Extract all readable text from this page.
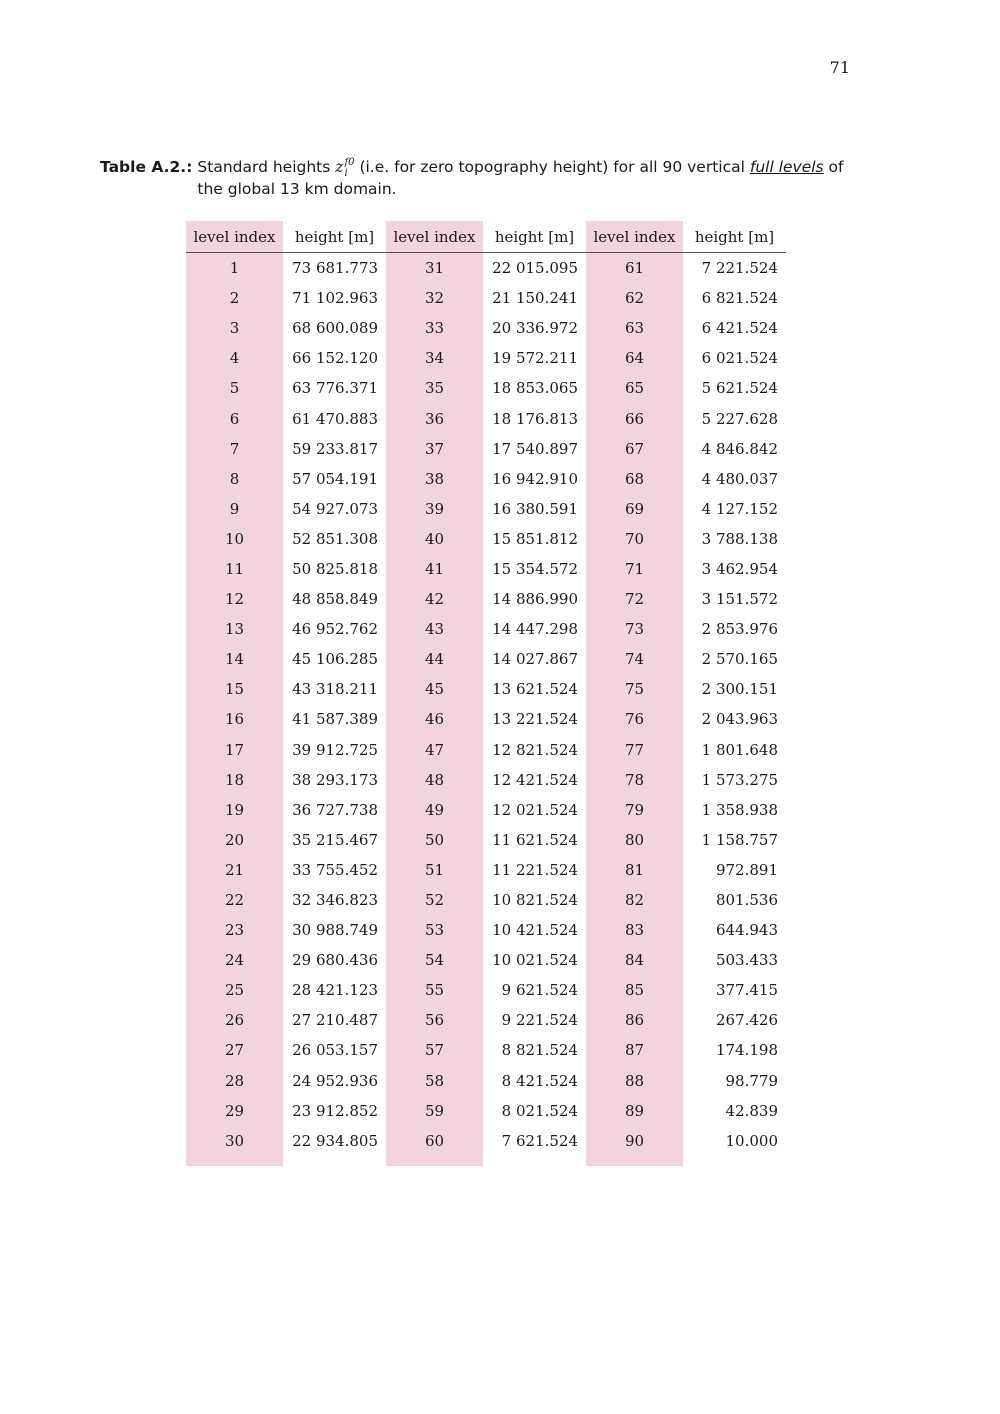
71
Table A.2.: Standard heights z f0
i (i.e. for zero topography height) for all 90 vertical full levels of the global 13 km domain.
level index	height [m]	level index	height [m]	level index	height [m]
1	73 681.773	31	22 015.095	61	7 221.524
2	71 102.963	32	21 150.241	62	6 821.524
3	68 600.089	33	20 336.972	63	6 421.524
4	66 152.120	34	19 572.211	64	6 021.524
5	63 776.371	35	18 853.065	65	5 621.524
6	61 470.883	36	18 176.813	66	5 227.628
7	59 233.817	37	17 540.897	67	4 846.842
8	57 054.191	38	16 942.910	68	4 480.037
9	54 927.073	39	16 380.591	69	4 127.152
10	52 851.308	40	15 851.812	70	3 788.138
11	50 825.818	41	15 354.572	71	3 462.954
12	48 858.849	42	14 886.990	72	3 151.572
13	46 952.762	43	14 447.298	73	2 853.976
14	45 106.285	44	14 027.867	74	2 570.165
15	43 318.211	45	13 621.524	75	2 300.151
16	41 587.389	46	13 221.524	76	2 043.963
17	39 912.725	47	12 821.524	77	1 801.648
18	38 293.173	48	12 421.524	78	1 573.275
19	36 727.738	49	12 021.524	79	1 358.938
20	35 215.467	50	11 621.524	80	1 158.757
21	33 755.452	51	11 221.524	81	972.891
22	32 346.823	52	10 821.524	82	801.536
23	30 988.749	53	10 421.524	83	644.943
24	29 680.436	54	10 021.524	84	503.433
25	28 421.123	55	9 621.524	85	377.415
26	27 210.487	56	9 221.524	86	267.426
27	26 053.157	57	8 821.524	87	174.198
28	24 952.936	58	8 421.524	88	98.779
29	23 912.852	59	8 021.524	89	42.839
30	22 934.805	60	7 621.524	90	10.000
